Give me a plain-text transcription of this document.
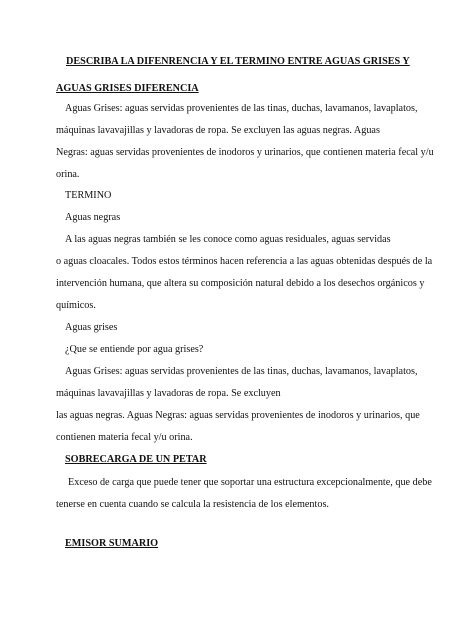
DESCRIBA LA DIFENRENCIA Y EL TERMINO ENTRE AGUAS GRISES Y
AGUAS GRISES DIFERENCIA
Aguas Grises: aguas servidas provenientes de las tinas, duchas, lavamanos, lavaplatos,
máquinas lavavajillas y lavadoras de ropa. Se excluyen las aguas negras. Aguas
Negras: aguas servidas provenientes de inodoros y urinarios, que contienen materia fecal y/u
orina.
TERMINO
Aguas negras
A las aguas negras también se les conoce como aguas residuales, aguas servidas
o aguas cloacales. Todos estos términos hacen referencia a las aguas obtenidas después de la
intervención humana, que altera su composición natural debido a los desechos orgánicos y
químicos.
Aguas grises
¿Que se entiende por agua grises?
Aguas Grises: aguas servidas provenientes de las tinas, duchas, lavamanos, lavaplatos,
máquinas lavavajillas y lavadoras de ropa. Se excluyen
las aguas negras. Aguas Negras: aguas servidas provenientes de inodoros y urinarios, que
contienen materia fecal y/u orina.
SOBRECARGA DE UN PETAR
Exceso de carga que puede tener que soportar una estructura excepcionalmente, que debe
tenerse en cuenta cuando se calcula la resistencia de los elementos.
EMISOR SUMARIO
